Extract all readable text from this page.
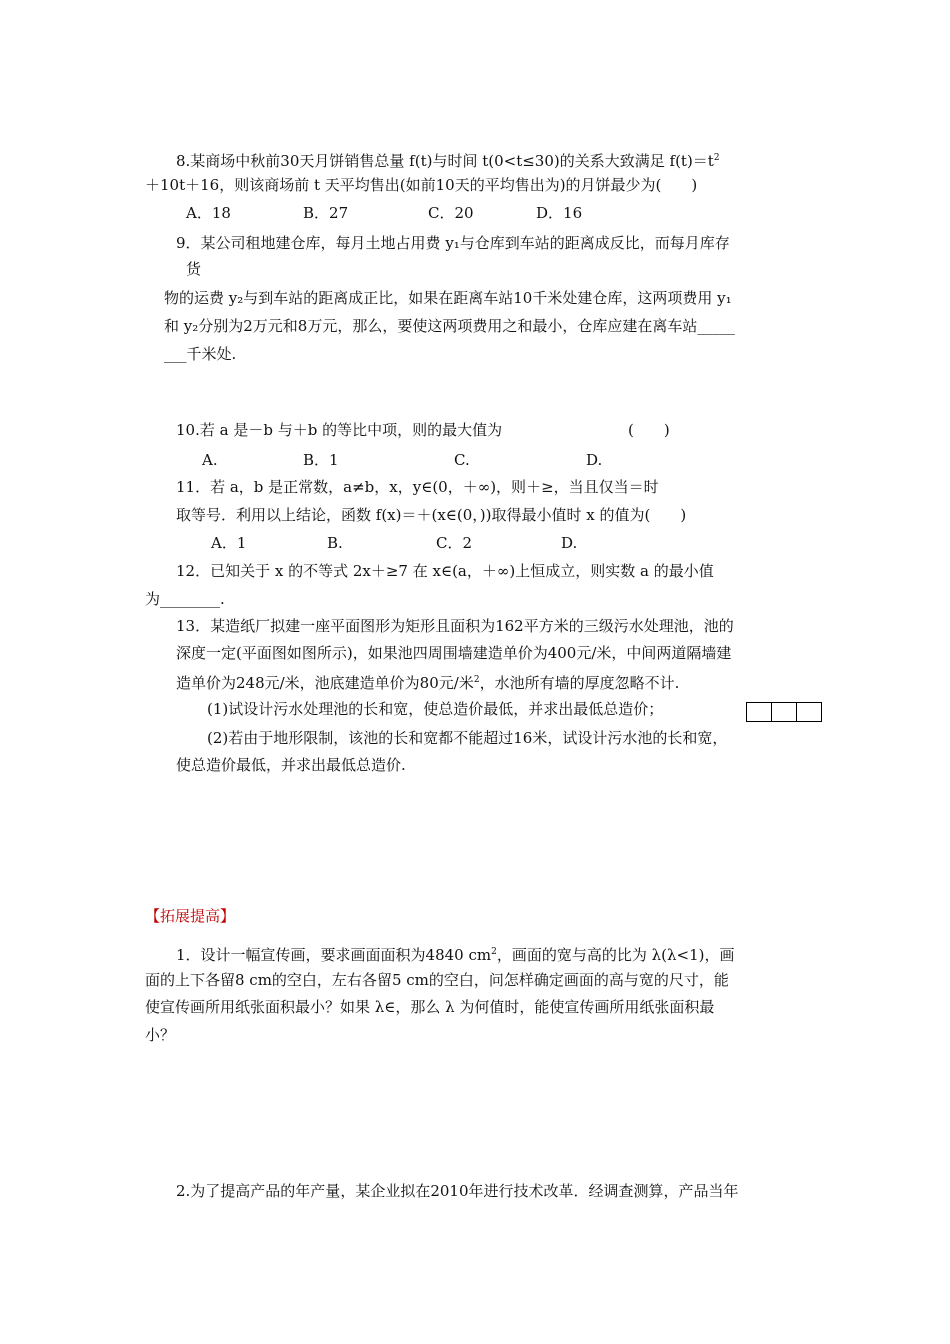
8.某商场中秋前30天月饼销售总量 f(t)与时间 t(0<t≤30)的关系大致满足 $f(t)=t^2$
＋10t＋16，则该商场前 t 天平均售出(如前10天的平均售出为)的月饼最少为(　　)
A．18	B．27	C．20	D．16
9．某公司租地建仓库，每月土地占用费 y₁与仓库到车站的距离成反比，而每月库存
货
物的运费 y₂与到车站的距离成正比，如果在距离车站10千米处建仓库，这两项费用 y₁
和 y₂分别为2万元和8万元，那么，要使这两项费用之和最小，仓库应建在离车站_____
___千米处.
10.若 a 是－b 与＋b 的等比中项，则的最大值为	(　　)
A.	B．1	C.	D.
11．若 a，b 是正常数，a≠b，x，y∈(0，＋∞)，则＋≥，当且仅当＝时
取等号．利用以上结论，函数 f(x)＝＋(x∈(0，))取得最小值时 x 的值为(　　)
A．1	B.	C．2	D.
12．已知关于 x 的不等式 2x＋≥7 在 x∈(a，＋∞)上恒成立，则实数 a 的最小值
为________.
13．某造纸厂拟建一座平面图形为矩形且面积为162平方米的三级污水处理池，池的
深度一定(平面图如图所示)，如果池四周围墙建造单价为400元/米，中间两道隔墙建
造单价为248元/米，池底建造单价为80元/米$^2$，水池所有墙的厚度忽略不计.
(1)试设计污水处理池的长和宽，使总造价最低，并求出最低总造价；
(2)若由于地形限制，该池的长和宽都不能超过16米，试设计污水池的长和宽，
使总造价最低，并求出最低总造价.
【拓展提高】
1．设计一幅宣传画，要求画面面积为4840 $cm^2$，画面的宽与高的比为 λ(λ<1)，画
面的上下各留8 cm的空白，左右各留5 cm的空白，问怎样确定画面的高与宽的尺寸，能
使宣传画所用纸张面积最小？如果 λ∈，那么 λ 为何值时，能使宣传画所用纸张面积最
小？
2.为了提高产品的年产量，某企业拟在2010年进行技术改革．经调查测算，产品当年
